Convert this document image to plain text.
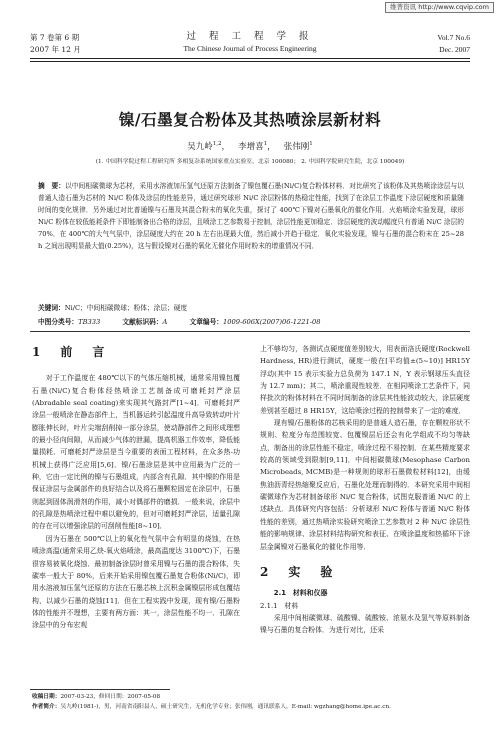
维普资讯 http://www.cqvip.com
第 7 卷第 6 期
2007 年 12 月
过 程 工 程 学 报
The Chinese Journal of Process Engineering
Vol.7 No.6
Dec. 2007
镍/石墨复合粉体及其热喷涂层新材料
吴九岭$^{1,2}$，   李增喜$^1$，   张伟刚$^1$
(1. 中国科学院过程工程研究所 多相复杂系统国家重点实验室，北京 100080； 2. 中国科学院研究生院，北京 100049)
摘　要：以中间相碳微球为芯材，采用水溶液加压氢气还原方法制备了镍包覆石墨(Ni/C)复合粉体材料．对比研究了该粉体及其热喷涂涂层与以普通人造石墨为芯材的 Ni/C 粉体及涂层的性能差异，通过研究球形 Ni/C 涂层粉体的热稳定性能，找到了在涂层工作温度下涂层硬度和质量随时间的变化规律．另外通过对比普通镍与石墨及其混合粉末的氧化失重，探讨了 400℃下镍对石墨氧化的催化作用．火焰喷涂实验发现，球形 Ni/C 粉体在较低能耗条件下即能制备出合格的涂层，且喷涂工艺参数易于控制，涂层性能更加稳定．涂层硬度的波动幅度只有普通 Ni/C 涂层的 70%．在 400℃的大气气氛中，涂层硬度大约在 20 h 左右出现最大值，然后减小并趋于稳定．氧化实验发现，镍与石墨的混合粉末在 25~28 h 之间出现明显最大值(0.25%)，这与假设镍对石墨的氧化无催化作用时粉末的增重情况不同．
关键词：Ni/C；中间相碳微球；粉体；涂层；硬度
中图分类号：TB333	文献标识码：A	文章编号：1009-606X(2007)06-1221-08
1　前　言

对于工作温度在 480℃以下的气体压缩机械，通常采用镍包覆石墨(Ni/C)复合粉体经热喷涂工艺制备成可磨耗封严涂层(Abradable seal coating)来实现其气路封严[1~4]．可磨耗封严涂层一般喷涂在静态部件上，当机器运转引起温度升高导致转动叶片膨胀伸长时，叶片尖端刮削掉一部分涂层，使动静部件之间形成理想的最小径向间隙，从而减少气体的泄漏，提高机器工作效率，降低能量损耗．可磨耗封严涂层是当今重要的表面工程材料，在众多热-功机械上获得广泛应用[5,6]．镍/石墨涂层是其中应用最为广泛的一种，它由一定比例的镍与石墨组成，内部含有孔隙．其中镍的作用是保证涂层与金属部件的良好结合以及将石墨颗粒固定在涂层中，石墨则起到固体润滑剂的作用，减小对偶部件的磨损．一般来说，涂层中的孔隙是热喷涂过程中难以避免的，但对可磨耗封严涂层，适量孔隙的存在可以增强涂层的可刮削性能[8~10]．

因为石墨在 500℃以上的氧化性气氛中会有明显的烧蚀，在热喷涂高温(通常采用乙炔-氧火焰喷涂，最高温度达 3100℃)下，石墨很容易被氧化烧蚀．最初制备涂层时曾采用镍与石墨的混合粉体，失碳率一般大于 80%，后来开始采用镍包覆石墨复合粉体(Ni/C)，即用水溶液加压氢气还原的方法在石墨芯核上沉积金属镍层形成包覆结构，以减少石墨的烧蚀[11]．但在工程实践中发现，现有镍/石墨粉体的性能并不理想，主要有两方面：其一，涂层性能不均一．孔隙在涂层中的分布宏观

上不够均匀，各测试点硬度值差别较大，用表面洛氏硬度(Rockwell Hardness, HR)进行测试，硬度一般在[平均值±(5~10)] HR15Y浮动(其中 15 表示实验力总负荷为 147.1 N，Y 表示钢球压头直径为 12.7 mm)；其二，喷涂重现性较差．在相同喷涂工艺条件下，同样批次的粉体材料在不同时间制备的涂层其性能波动较大，涂层硬度差别甚至超过 8 HR15Y，这给喷涂过程的控制带来了一定的难度．

现有镍/石墨粉体的芯核采用的是普通人造石墨，存在颗粒形状不规则、粒度分布范围较宽、包覆镍层后还会有化学组成不均匀等缺点，制备出的涂层性能不稳定，喷涂过程不易控制．在某些精度要求较高的领域受到限制[9,11]．中间相碳微球(Mesophase Carbon Microbeads, MCMB)是一种规则的球形石墨微粒材料[12]，由缓焦油沥青经热缩聚反应后，石墨化处理而制得的．本研究采用中间相碳微球作为芯材制备球形 Ni/C 复合粉体，试图克服普通 Ni/C 的上述缺点．具体研究内容包括：分析球形 Ni/C 粉体与普通 Ni/C 粉体性能的差别，通过热喷涂实验研究喷涂工艺参数对 2 种 Ni/C 涂层性能的影响规律、涂层材料结构研究和表征、在喷涂温度和热循环下涂层金属镍对石墨氧化的催化作用等．

2　实　验

2.1　材料和仪器

2.1.1　材料

采用中间相碳微球、硫酸镍、硫酸铵、浓氨水及氢气等原料制备镍与石墨的复合粉体．为进行对比，还采

收稿日期：2007-03-23，修回日期：2007-05-08
作者简介：吴九岭(1981-)，男，河南省南阳县人，硕士研究生，无机化学专业；张伟刚，通讯联系人，E-mail: wgzhang@home.ipe.ac.cn.
